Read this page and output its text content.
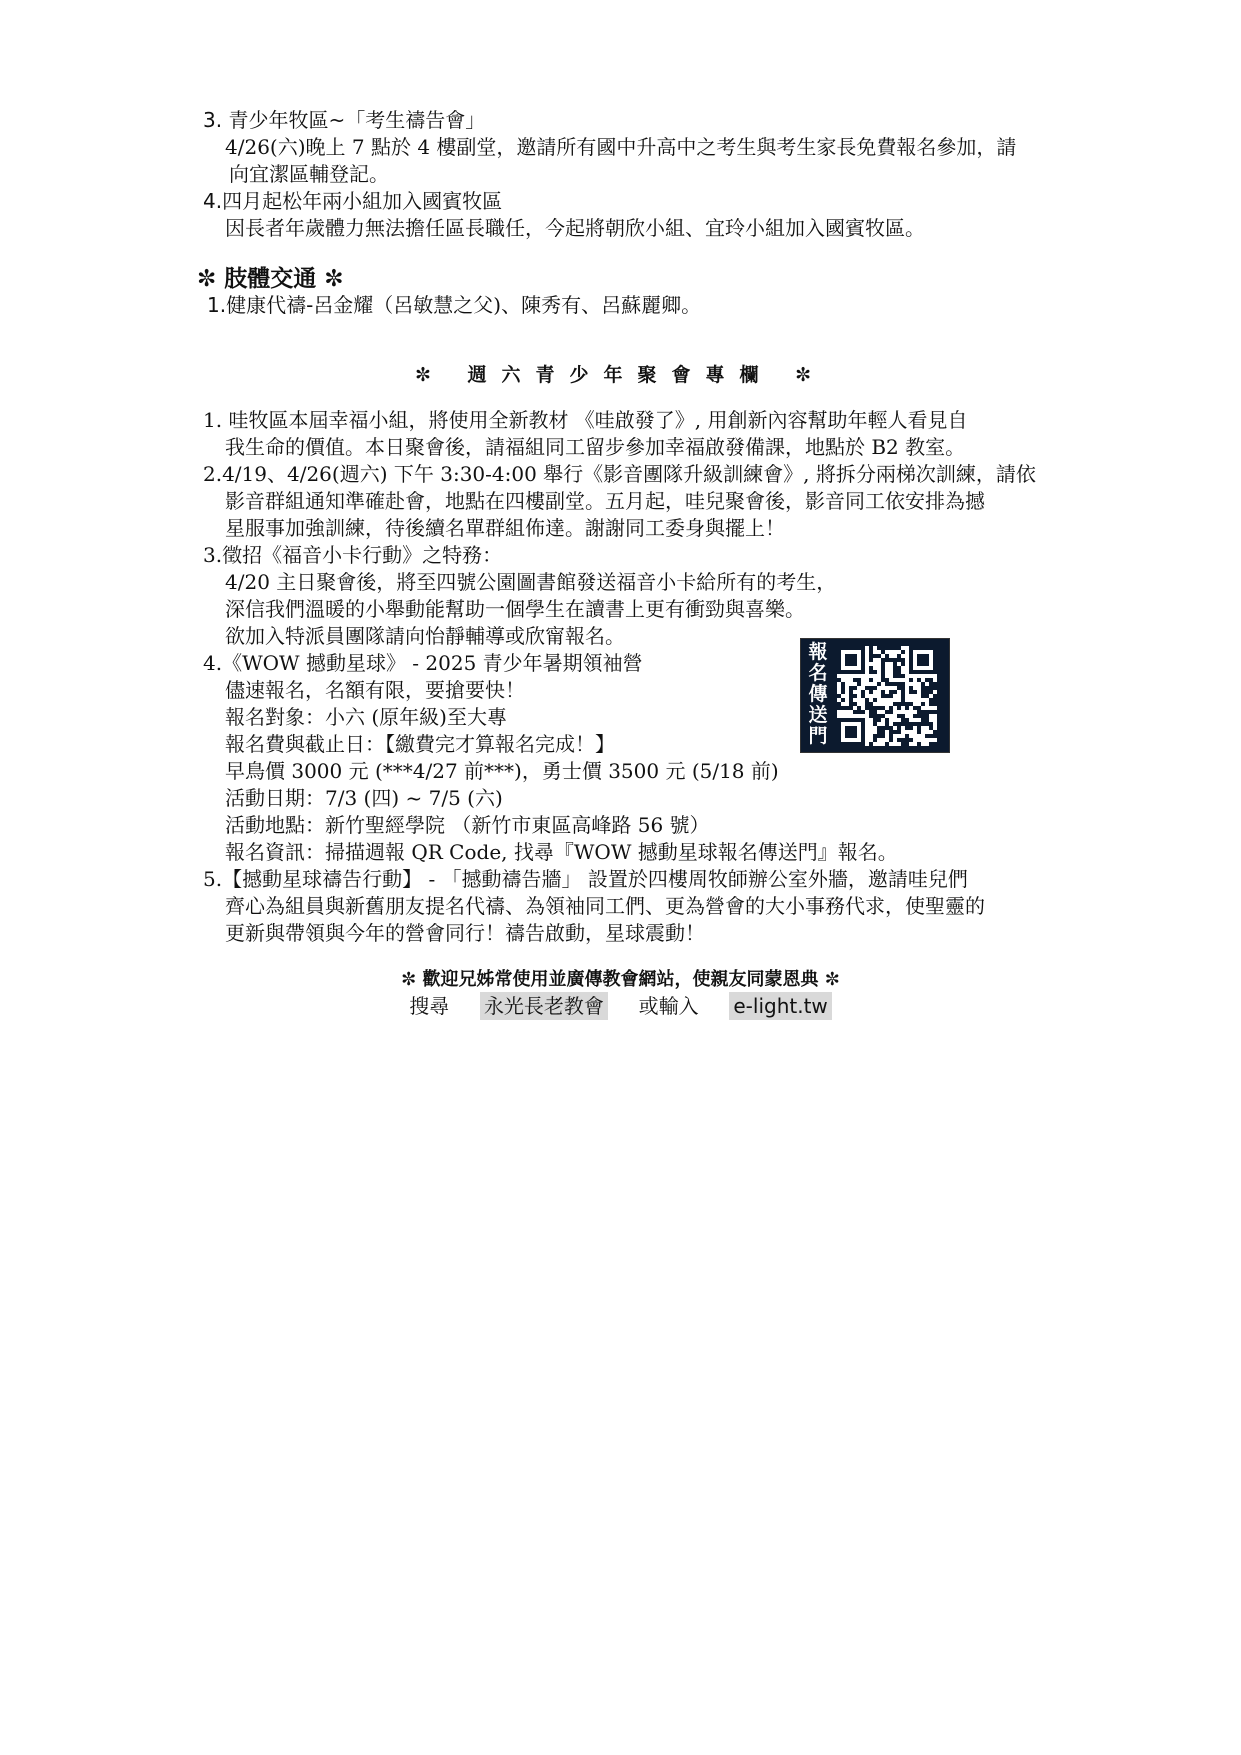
3. 青少年牧區~「考生禱告會」
4/26(六)晚上 7 點於 4 樓副堂，邀請所有國中升高中之考生與考生家長免費報名參加，請
向宜潔區輔登記。
4.四月起松年兩小組加入國賓牧區
因長者年歲體力無法擔任區長職任，今起將朝欣小組、宜玲小組加入國賓牧區。
✼ 肢體交通 ✼
1.健康代禱-呂金耀（呂敏慧之父)、陳秀有、呂蘇麗卿。
✼ 週六青少年聚會專欄 ✼
1. 哇牧區本屆幸福小組，將使用全新教材 《哇啟發了》, 用創新內容幫助年輕人看見自
我生命的價值。本日聚會後，請福組同工留步參加幸福啟發備課，地點於 B2 教室。
2.4/19、4/26(週六) 下午 3:30-4:00 舉行《影音團隊升級訓練會》, 將拆分兩梯次訓練，請依
影音群組通知準確赴會，地點在四樓副堂。五月起，哇兒聚會後，影音同工依安排為撼
星服事加強訓練，待後續名單群組佈達。謝謝同工委身與擺上！
3.徵招《福音小卡行動》之特務：
4/20 主日聚會後，將至四號公園圖書館發送福音小卡給所有的考生，
深信我們溫暖的小舉動能幫助一個學生在讀書上更有衝勁與喜樂。
欲加入特派員團隊請向怡靜輔導或欣甯報名。
4.《WOW 撼動星球》 - 2025 青少年暑期領袖營
儘速報名，名額有限，要搶要快！
報名對象：小六 (原年級)至大專
報名費與截止日：【繳費完才算報名完成！】
早鳥價 3000 元 (***4/27 前***)，勇士價 3500 元 (5/18 前)
活動日期：7/3 (四) ~ 7/5 (六)
活動地點：新竹聖經學院 （新竹市東區高峰路 56 號）
報名資訊：掃描週報 QR Code, 找尋『WOW 撼動星球報名傳送門』報名。
5.【撼動星球禱告行動】 - 「撼動禱告牆」 設置於四樓周牧師辦公室外牆，邀請哇兒們
齊心為組員與新舊朋友提名代禱、為領袖同工們、更為營會的大小事務代求，使聖靈的
更新與帶領與今年的營會同行！禱告啟動，星球震動！
報
名
傳
送
門
✼ 歡迎兄姊常使用並廣傳教會網站，使親友同蒙恩典 ✼
搜尋 永光長老教會 或輸入 e-light.tw
